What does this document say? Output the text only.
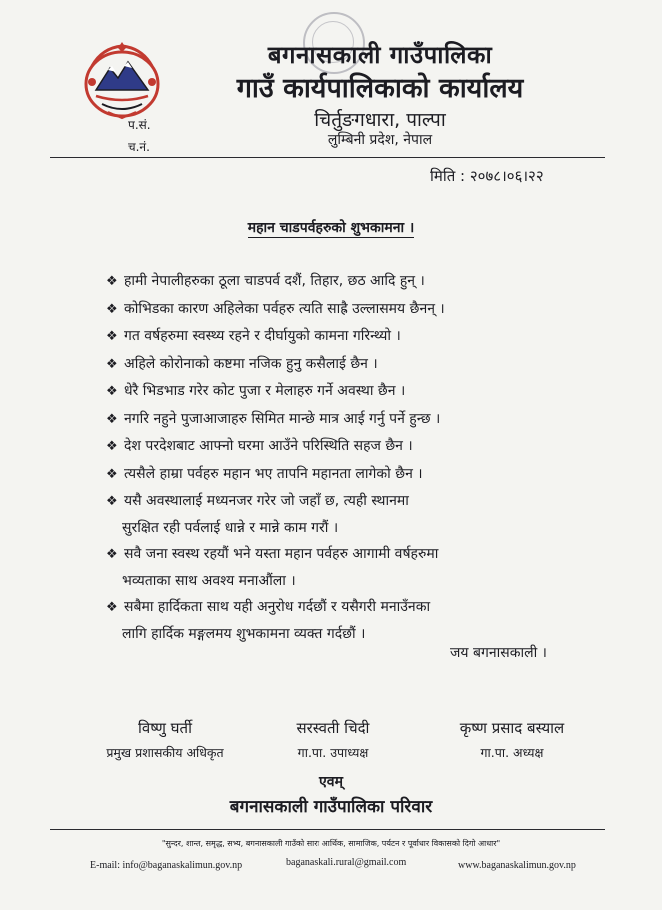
बगनासकाली गाउँपालिका
गाउँ कार्यपालिकाको कार्यालय
चिर्तुङगधारा, पाल्पा
लुम्बिनी प्रदेश, नेपाल
प.सं.
च.नं.
मिति : २०७८।०६।२२
महान चाडपर्वहरुको शुभकामना ।
❖ हामी नेपालीहरुका ठूला चाडपर्व दशैं, तिहार, छठ आदि हुन् ।
❖ कोभिडका कारण अहिलेका पर्वहरु त्यति साह्रै उल्लासमय छैनन् ।
❖ गत वर्षहरुमा स्वस्थ्य रहने र दीर्घायुको कामना गरिन्थ्यो ।
❖ अहिले कोरोनाको कष्टमा नजिक हुनु कसैलाई छैन ।
❖ धेरै भिडभाड गरेर कोट पुजा र मेलाहरु गर्ने अवस्था छैन ।
❖ नगरि नहुने पुजाआजाहरु सिमित मान्छे मात्र आई गर्नु पर्ने हुन्छ ।
❖ देश परदेशबाट आफ्नो घरमा आउँने परिस्थिति सहज छैन ।
❖ त्यसैले हाम्रा पर्वहरु महान भए तापनि महानता लागेको छैन ।
❖ यसै अवस्थालाई मध्यनजर गरेर जो जहाँ छ, त्यही स्थानमा
सुरक्षित रही पर्वलाई धान्ने र मान्ने काम गरौं ।
❖ सवै जना स्वस्थ रहयौं भने यस्ता महान पर्वहरु आगामी वर्षहरुमा
भव्यताका साथ अवश्य मनाऔंला ।
❖ सबैमा हार्दिकता साथ यही अनुरोध गर्दछौं र यसैगरी मनाउँनका
लागि हार्दिक मङ्गलमय शुभकामना व्यक्त गर्दछौं ।
जय बगनासकाली ।
विष्णु घर्ती
प्रमुख प्रशासकीय अधिकृत
सरस्वती चिदी
गा.पा. उपाध्यक्ष
कृष्ण प्रसाद बस्याल
गा.पा. अध्यक्ष
एवम्
बगनासकाली गाउँपालिका परिवार
"सुन्दर, शान्त, समृद्ध, सभ्य, बगनासकाली गाउँको सारः आर्थिक, सामाजिक, पर्यटन र पूर्वाधार विकासको दिगो आधार"
E-mail: info@baganaskalimun.gov.np	baganaskali.rural@gmail.com	www.baganaskalimun.gov.np
